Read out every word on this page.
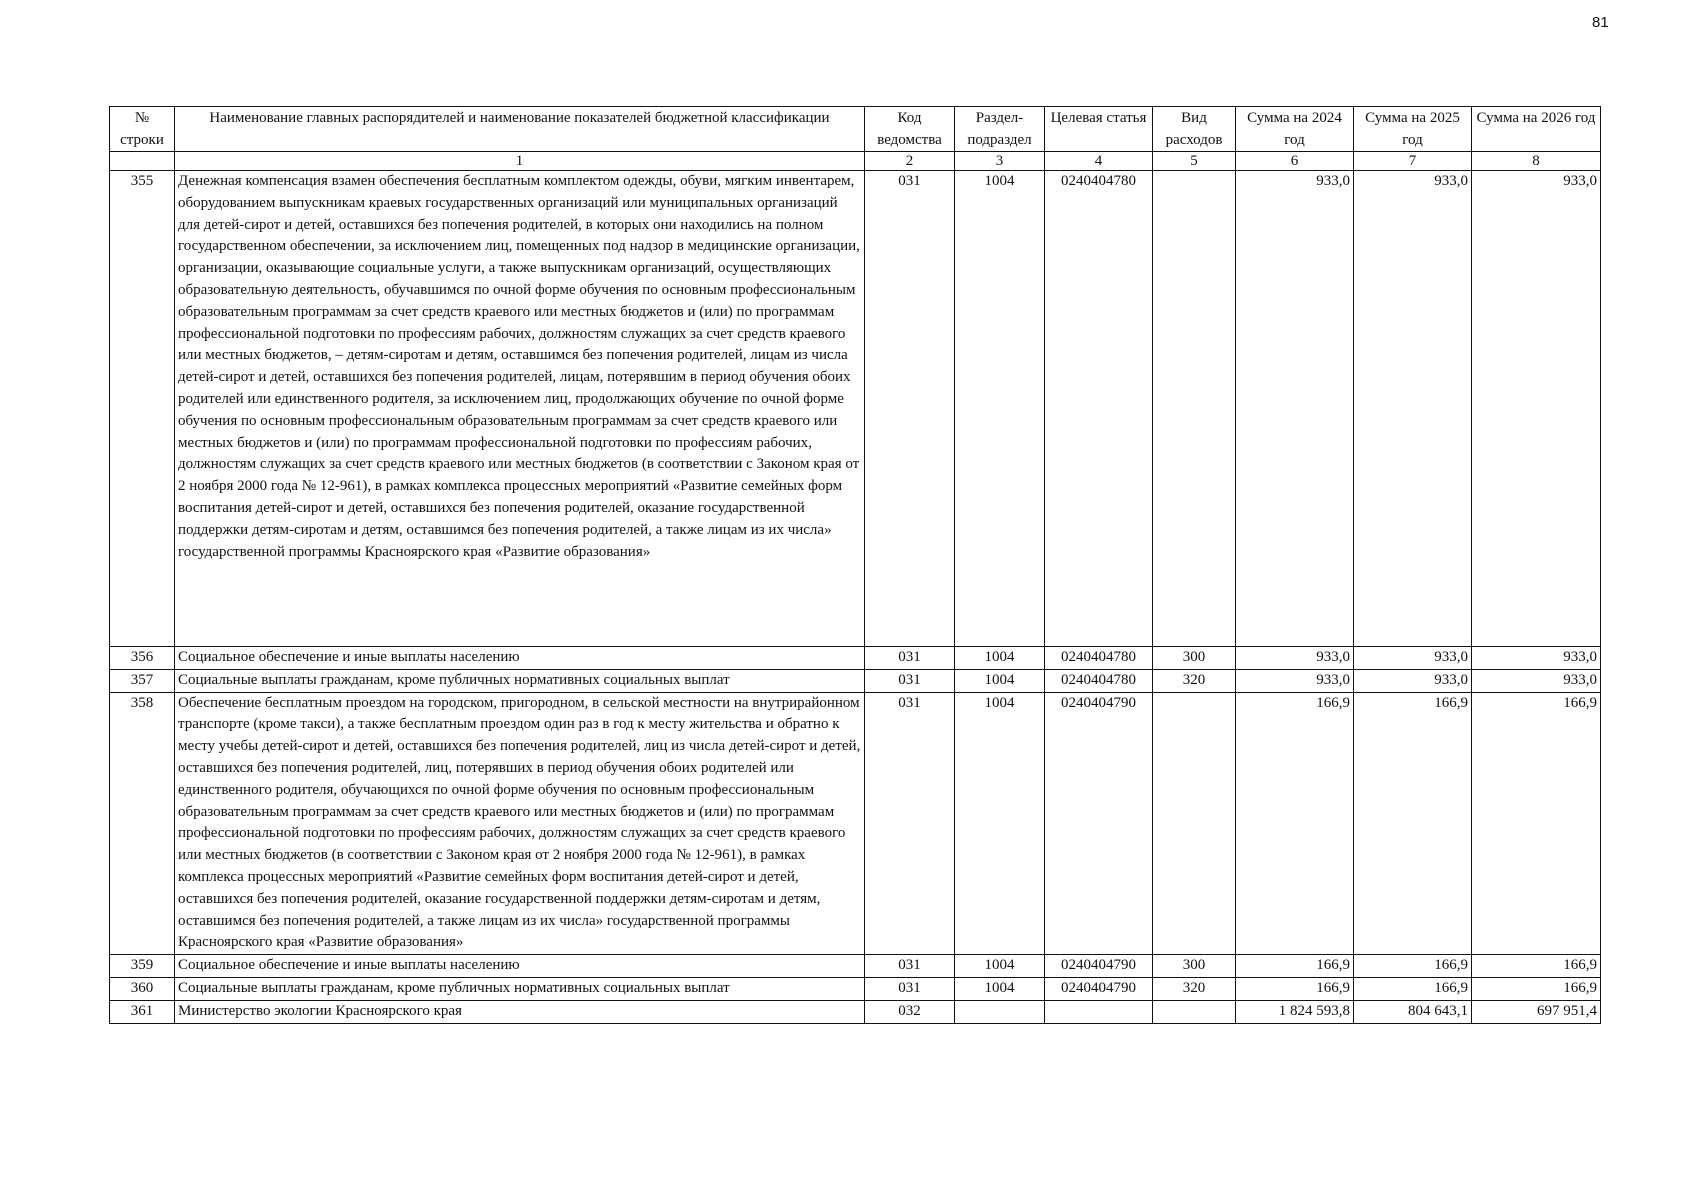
81
№ строки	Наименование главных распорядителей и наименование показателей бюджетной классификации	Код ведомства	Раздел-подраздел	Целевая статья	Вид расходов	Сумма на 2024 год	Сумма на 2025 год	Сумма на 2026 год
	1	2	3	4	5	6	7	8
355	Денежная компенсация взамен обеспечения бесплатным комплектом одежды, обуви, мягким инвентарем, оборудованием выпускникам краевых государственных организаций или муниципальных организаций для детей-сирот и детей, оставшихся без попечения родителей, в которых они находились на полном государственном обеспечении, за исключением лиц, помещенных под надзор в медицинские организации, организации, оказывающие социальные услуги, а также выпускникам организаций, осуществляющих образовательную деятельность, обучавшимся по очной форме обучения по основным профессиональным образовательным программам за счет средств краевого или местных бюджетов и (или) по программам профессиональной подготовки по профессиям рабочих, должностям служащих за счет средств краевого или местных бюджетов, – детям-сиротам и детям, оставшимся без попечения родителей, лицам из числа детей-сирот и детей, оставшихся без попечения родителей, лицам, потерявшим в период обучения обоих родителей или единственного родителя, за исключением лиц, продолжающих обучение по очной форме обучения по основным профессиональным образовательным программам за счет средств краевого или местных бюджетов и (или) по программам профессиональной подготовки по профессиям рабочих, должностям служащих за счет средств краевого или местных бюджетов (в соответствии с Законом края от 2 ноября 2000 года № 12-961), в рамках комплекса процессных мероприятий «Развитие семейных форм воспитания детей-сирот и детей, оставшихся без попечения родителей, оказание государственной поддержки детям-сиротам и детям, оставшимся без попечения родителей, а также лицам из их числа» государственной программы Красноярского края «Развитие образования»	031	1004	0240404780		933,0	933,0	933,0
356	Социальное обеспечение и иные выплаты населению	031	1004	0240404780	300	933,0	933,0	933,0
357	Социальные выплаты гражданам, кроме публичных нормативных социальных выплат	031	1004	0240404780	320	933,0	933,0	933,0
358	Обеспечение бесплатным проездом на городском, пригородном, в сельской местности на внутрирайонном транспорте (кроме такси), а также бесплатным проездом один раз в год к месту жительства и обратно к месту учебы детей-сирот и детей, оставшихся без попечения родителей, лиц из числа детей-сирот и детей, оставшихся без попечения родителей, лиц, потерявших в период обучения обоих родителей или единственного родителя, обучающихся по очной форме обучения по основным профессиональным образовательным программам за счет средств краевого или местных бюджетов и (или) по программам профессиональной подготовки по профессиям рабочих, должностям служащих за счет средств краевого или местных бюджетов (в соответствии с Законом края от 2 ноября 2000 года № 12-961), в рамках комплекса процессных мероприятий «Развитие семейных форм воспитания детей-сирот и детей, оставшихся без попечения родителей, оказание государственной поддержки детям-сиротам и детям, оставшимся без попечения родителей, а также лицам из их числа» государственной программы Красноярского края «Развитие образования»	031	1004	0240404790		166,9	166,9	166,9
359	Социальное обеспечение и иные выплаты населению	031	1004	0240404790	300	166,9	166,9	166,9
360	Социальные выплаты гражданам, кроме публичных нормативных социальных выплат	031	1004	0240404790	320	166,9	166,9	166,9
361	Министерство экологии Красноярского края	032				1 824 593,8	804 643,1	697 951,4
